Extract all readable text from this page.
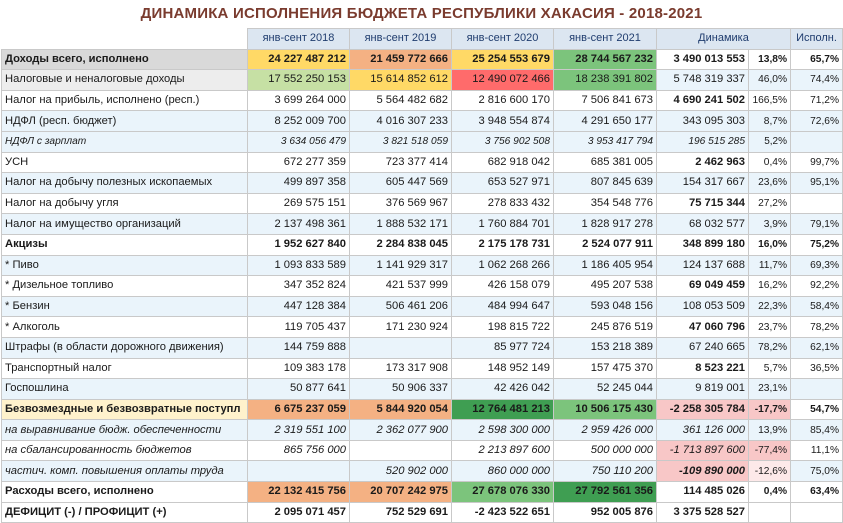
ДИНАМИКА ИСПОЛНЕНИЯ БЮДЖЕТА РЕСПУБЛИКИ ХАКАСИЯ - 2018-2021
	янв-сент 2018	янв-сент 2019	янв-сент 2020	янв-сент 2021	Динамика		Исполн.
Доходы всего, исполнено	24 227 487 212	21 459 772 666	25 254 553 679	28 744 567 232	3 490 013 553	13,8%	65,7%
Налоговые и неналоговые доходы	17 552 250 153	15 614 852 612	12 490 072 466	18 238 391 802	5 748 319 337	46,0%	74,4%
Налог на прибыль, исполнено (респ.)	3 699 264 000	5 564 482 682	2 816 600 170	7 506 841 673	4 690 241 502	166,5%	71,2%
НДФЛ (респ. бюджет)	8 252 009 700	4 016 307 233	3 948 554 874	4 291 650 177	343 095 303	8,7%	72,6%
НДФЛ с зарплат	3 634 056 479	3 821 518 059	3 756 902 508	3 953 417 794	196 515 285	5,2%	
УСН	672 277 359	723 377 414	682 918 042	685 381 005	2 462 963	0,4%	99,7%
Налог на добычу полезных ископаемых	499 897 358	605 447 569	653 527 971	807 845 639	154 317 667	23,6%	95,1%
Налог на добычу угля	269 575 151	376 569 967	278 833 432	354 548 776	75 715 344	27,2%	
Налог на имущество организаций	2 137 498 361	1 888 532 171	1 760 884 701	1 828 917 278	68 032 577	3,9%	79,1%
Акцизы	1 952 627 840	2 284 838 045	2 175 178 731	2 524 077 911	348 899 180	16,0%	75,2%
* Пиво	1 093 833 589	1 141 929 317	1 062 268 266	1 186 405 954	124 137 688	11,7%	69,3%
* Дизельное топливо	347 352 824	421 537 999	426 158 079	495 207 538	69 049 459	16,2%	92,2%
* Бензин	447 128 384	506 461 206	484 994 647	593 048 156	108 053 509	22,3%	58,4%
* Алкоголь	119 705 437	171 230 924	198 815 722	245 876 519	47 060 796	23,7%	78,2%
Штрафы (в области дорожного движения)	144 759 888		85 977 724	153 218 389	67 240 665	78,2%	62,1%
Транспортный налог	109 383 178	173 317 908	148 952 149	157 475 370	8 523 221	5,7%	36,5%
Госпошлина	50 877 641	50 906 337	42 426 042	52 245 044	9 819 001	23,1%	
Безвозмездные и безвозвратные поступл	6 675 237 059	5 844 920 054	12 764 481 213	10 506 175 430	-2 258 305 784	-17,7%	54,7%
на выравнивание бюдж. обеспеченности	2 319 551 100	2 362 077 900	2 598 300 000	2 959 426 000	361 126 000	13,9%	85,4%
на сбалансированность бюджетов	865 756 000		2 213 897 600	500 000 000	-1 713 897 600	-77,4%	11,1%
частич. комп. повышения оплаты труда		520 902 000	860 000 000	750 110 200	-109 890 000	-12,6%	75,0%
Расходы всего, исполнено	22 132 415 756	20 707 242 975	27 678 076 330	27 792 561 356	114 485 026	0,4%	63,4%
ДЕФИЦИТ (-) / ПРОФИЦИТ (+)	2 095 071 457	752 529 691	-2 423 522 651	952 005 876	3 375 528 527		
